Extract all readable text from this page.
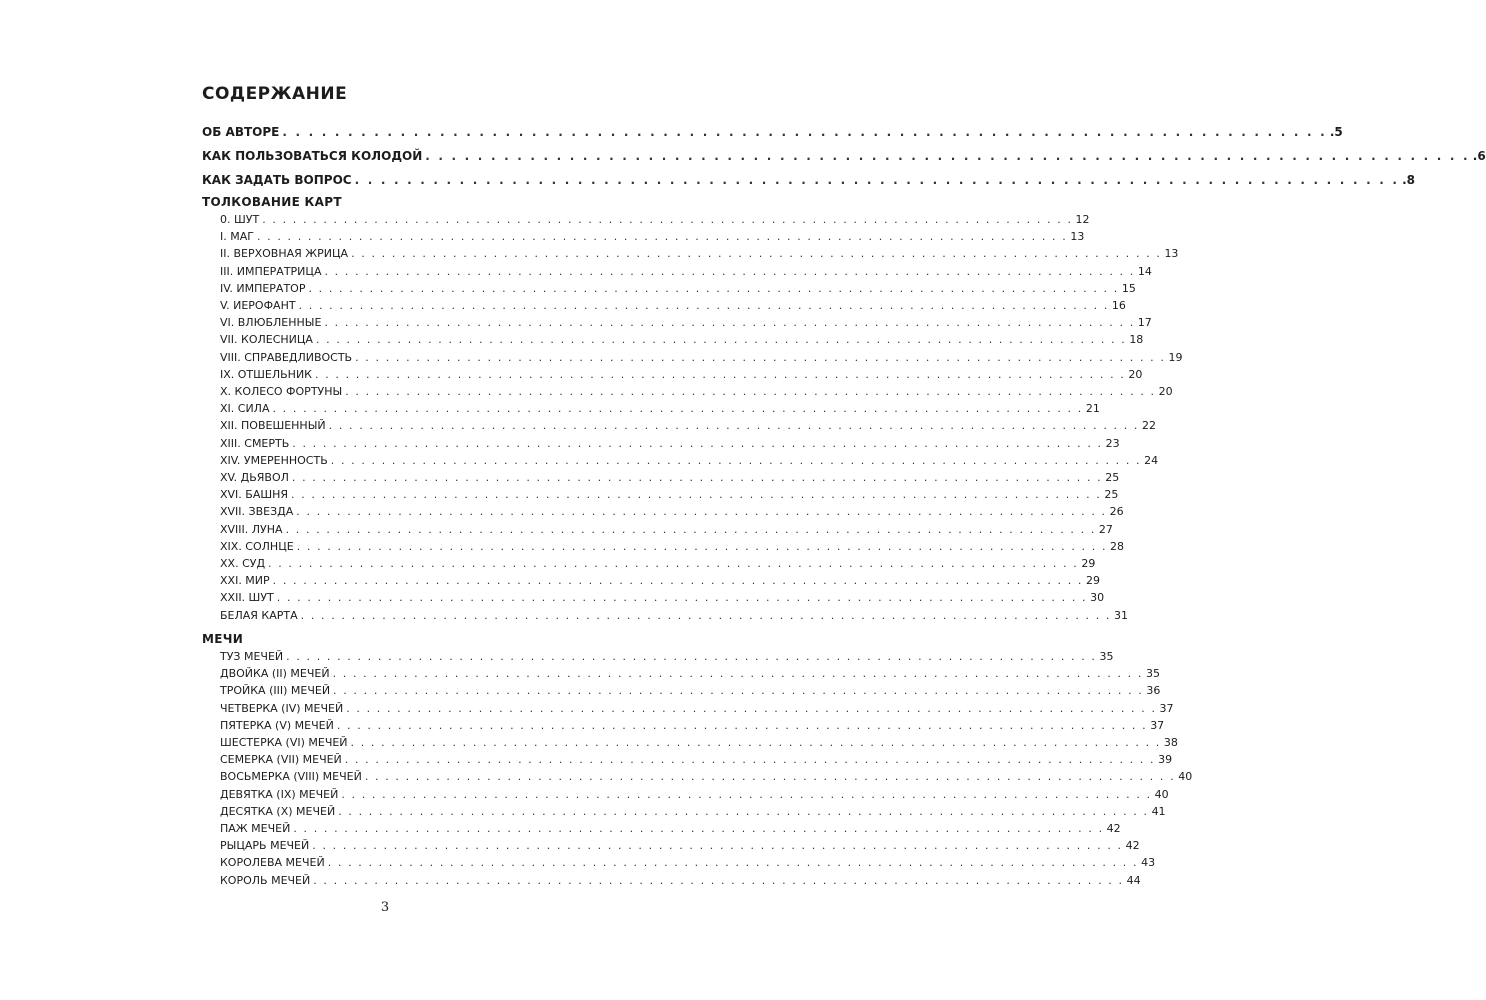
СОДЕРЖАНИЕ
ОБ АВТОРЕ . . . . . . . . . . . . . . . . . . . . . . . . . . . . . . . . . . . . . . . . . . . . . . . . . . . . . . . . . . . . . . . . . . . . . . . . . . . . . . . . .5
КАК ПОЛЬЗОВАТЬСЯ КОЛОДОЙ . . . . . . . . . . . . . . . . . . . . . . . . . . . . . . . . . . . . . . . . . . . . . . . . . . . . . . . . . . . . . . . . . . . . . . . . . . . . . . . . .6
КАК ЗАДАТЬ ВОПРОС . . . . . . . . . . . . . . . . . . . . . . . . . . . . . . . . . . . . . . . . . . . . . . . . . . . . . . . . . . . . . . . . . . . . . . . . . . . . . . . . .8
ТОЛКОВАНИЕ КАРТ
0. ШУТ . . . . . . . . . . . . . . . . . . . . . . . . . . . . . . . . . . . . . . . . . . . . . . . . . . . . . . . . . . . . . . . . . . . . . . . . . . . . . . . . 12
I. МАГ . . . . . . . . . . . . . . . . . . . . . . . . . . . . . . . . . . . . . . . . . . . . . . . . . . . . . . . . . . . . . . . . . . . . . . . . . . . . . . . . 13
II. ВЕРХОВНАЯ ЖРИЦА . . . . . . . . . . . . . . . . . . . . . . . . . . . . . . . . . . . . . . . . . . . . . . . . . . . . . . . . . . . . . . . . . . . . . . . . . . . . . . . . 13
III. ИМПЕРАТРИЦА . . . . . . . . . . . . . . . . . . . . . . . . . . . . . . . . . . . . . . . . . . . . . . . . . . . . . . . . . . . . . . . . . . . . . . . . . . . . . . . . 14
IV. ИМПЕРАТОР . . . . . . . . . . . . . . . . . . . . . . . . . . . . . . . . . . . . . . . . . . . . . . . . . . . . . . . . . . . . . . . . . . . . . . . . . . . . . . . . 15
V. ИЕРОФАНТ . . . . . . . . . . . . . . . . . . . . . . . . . . . . . . . . . . . . . . . . . . . . . . . . . . . . . . . . . . . . . . . . . . . . . . . . . . . . . . . . 16
VI. ВЛЮБЛЕННЫЕ . . . . . . . . . . . . . . . . . . . . . . . . . . . . . . . . . . . . . . . . . . . . . . . . . . . . . . . . . . . . . . . . . . . . . . . . . . . . . . . . 17
VII. КОЛЕСНИЦА . . . . . . . . . . . . . . . . . . . . . . . . . . . . . . . . . . . . . . . . . . . . . . . . . . . . . . . . . . . . . . . . . . . . . . . . . . . . . . . . 18
VIII. СПРАВЕДЛИВОСТЬ . . . . . . . . . . . . . . . . . . . . . . . . . . . . . . . . . . . . . . . . . . . . . . . . . . . . . . . . . . . . . . . . . . . . . . . . . . . . . . . . 19
IX. ОТШЕЛЬНИК . . . . . . . . . . . . . . . . . . . . . . . . . . . . . . . . . . . . . . . . . . . . . . . . . . . . . . . . . . . . . . . . . . . . . . . . . . . . . . . . 20
X. КОЛЕСО ФОРТУНЫ . . . . . . . . . . . . . . . . . . . . . . . . . . . . . . . . . . . . . . . . . . . . . . . . . . . . . . . . . . . . . . . . . . . . . . . . . . . . . . . . 20
XI. СИЛА . . . . . . . . . . . . . . . . . . . . . . . . . . . . . . . . . . . . . . . . . . . . . . . . . . . . . . . . . . . . . . . . . . . . . . . . . . . . . . . . 21
XII. ПОВЕШЕННЫЙ . . . . . . . . . . . . . . . . . . . . . . . . . . . . . . . . . . . . . . . . . . . . . . . . . . . . . . . . . . . . . . . . . . . . . . . . . . . . . . . . 22
XIII. СМЕРТЬ . . . . . . . . . . . . . . . . . . . . . . . . . . . . . . . . . . . . . . . . . . . . . . . . . . . . . . . . . . . . . . . . . . . . . . . . . . . . . . . . 23
XIV. УМЕРЕННОСТЬ . . . . . . . . . . . . . . . . . . . . . . . . . . . . . . . . . . . . . . . . . . . . . . . . . . . . . . . . . . . . . . . . . . . . . . . . . . . . . . . . 24
XV. ДЬЯВОЛ . . . . . . . . . . . . . . . . . . . . . . . . . . . . . . . . . . . . . . . . . . . . . . . . . . . . . . . . . . . . . . . . . . . . . . . . . . . . . . . . 25
XVI. БАШНЯ . . . . . . . . . . . . . . . . . . . . . . . . . . . . . . . . . . . . . . . . . . . . . . . . . . . . . . . . . . . . . . . . . . . . . . . . . . . . . . . . 25
XVII. ЗВЕЗДА . . . . . . . . . . . . . . . . . . . . . . . . . . . . . . . . . . . . . . . . . . . . . . . . . . . . . . . . . . . . . . . . . . . . . . . . . . . . . . . . 26
XVIII. ЛУНА . . . . . . . . . . . . . . . . . . . . . . . . . . . . . . . . . . . . . . . . . . . . . . . . . . . . . . . . . . . . . . . . . . . . . . . . . . . . . . . . 27
XIX. СОЛНЦЕ . . . . . . . . . . . . . . . . . . . . . . . . . . . . . . . . . . . . . . . . . . . . . . . . . . . . . . . . . . . . . . . . . . . . . . . . . . . . . . . . 28
XX. СУД . . . . . . . . . . . . . . . . . . . . . . . . . . . . . . . . . . . . . . . . . . . . . . . . . . . . . . . . . . . . . . . . . . . . . . . . . . . . . . . . 29
XXI. МИР . . . . . . . . . . . . . . . . . . . . . . . . . . . . . . . . . . . . . . . . . . . . . . . . . . . . . . . . . . . . . . . . . . . . . . . . . . . . . . . . 29
XXII. ШУТ . . . . . . . . . . . . . . . . . . . . . . . . . . . . . . . . . . . . . . . . . . . . . . . . . . . . . . . . . . . . . . . . . . . . . . . . . . . . . . . . 30
БЕЛАЯ КАРТА . . . . . . . . . . . . . . . . . . . . . . . . . . . . . . . . . . . . . . . . . . . . . . . . . . . . . . . . . . . . . . . . . . . . . . . . . . . . . . . . 31
МЕЧИ
ТУЗ МЕЧЕЙ . . . . . . . . . . . . . . . . . . . . . . . . . . . . . . . . . . . . . . . . . . . . . . . . . . . . . . . . . . . . . . . . . . . . . . . . . . . . . . . . 35
ДВОЙКА (II) МЕЧЕЙ . . . . . . . . . . . . . . . . . . . . . . . . . . . . . . . . . . . . . . . . . . . . . . . . . . . . . . . . . . . . . . . . . . . . . . . . . . . . . . . . 35
ТРОЙКА (III) МЕЧЕЙ . . . . . . . . . . . . . . . . . . . . . . . . . . . . . . . . . . . . . . . . . . . . . . . . . . . . . . . . . . . . . . . . . . . . . . . . . . . . . . . . 36
ЧЕТВЕРКА (IV) МЕЧЕЙ . . . . . . . . . . . . . . . . . . . . . . . . . . . . . . . . . . . . . . . . . . . . . . . . . . . . . . . . . . . . . . . . . . . . . . . . . . . . . . . . 37
ПЯТЕРКА (V) МЕЧЕЙ . . . . . . . . . . . . . . . . . . . . . . . . . . . . . . . . . . . . . . . . . . . . . . . . . . . . . . . . . . . . . . . . . . . . . . . . . . . . . . . . 37
ШЕСТЕРКА (VI) МЕЧЕЙ . . . . . . . . . . . . . . . . . . . . . . . . . . . . . . . . . . . . . . . . . . . . . . . . . . . . . . . . . . . . . . . . . . . . . . . . . . . . . . . . 38
СЕМЕРКА (VII) МЕЧЕЙ . . . . . . . . . . . . . . . . . . . . . . . . . . . . . . . . . . . . . . . . . . . . . . . . . . . . . . . . . . . . . . . . . . . . . . . . . . . . . . . . 39
ВОСЬМЕРКА (VIII) МЕЧЕЙ . . . . . . . . . . . . . . . . . . . . . . . . . . . . . . . . . . . . . . . . . . . . . . . . . . . . . . . . . . . . . . . . . . . . . . . . . . . . . . . . 40
ДЕВЯТКА (IX) МЕЧЕЙ . . . . . . . . . . . . . . . . . . . . . . . . . . . . . . . . . . . . . . . . . . . . . . . . . . . . . . . . . . . . . . . . . . . . . . . . . . . . . . . . 40
ДЕСЯТКА (X) МЕЧЕЙ . . . . . . . . . . . . . . . . . . . . . . . . . . . . . . . . . . . . . . . . . . . . . . . . . . . . . . . . . . . . . . . . . . . . . . . . . . . . . . . . 41
ПАЖ МЕЧЕЙ . . . . . . . . . . . . . . . . . . . . . . . . . . . . . . . . . . . . . . . . . . . . . . . . . . . . . . . . . . . . . . . . . . . . . . . . . . . . . . . . 42
РЫЦАРЬ МЕЧЕЙ . . . . . . . . . . . . . . . . . . . . . . . . . . . . . . . . . . . . . . . . . . . . . . . . . . . . . . . . . . . . . . . . . . . . . . . . . . . . . . . . 42
КОРОЛЕВА МЕЧЕЙ . . . . . . . . . . . . . . . . . . . . . . . . . . . . . . . . . . . . . . . . . . . . . . . . . . . . . . . . . . . . . . . . . . . . . . . . . . . . . . . . 43
КОРОЛЬ МЕЧЕЙ . . . . . . . . . . . . . . . . . . . . . . . . . . . . . . . . . . . . . . . . . . . . . . . . . . . . . . . . . . . . . . . . . . . . . . . . . . . . . . . . 44
3
